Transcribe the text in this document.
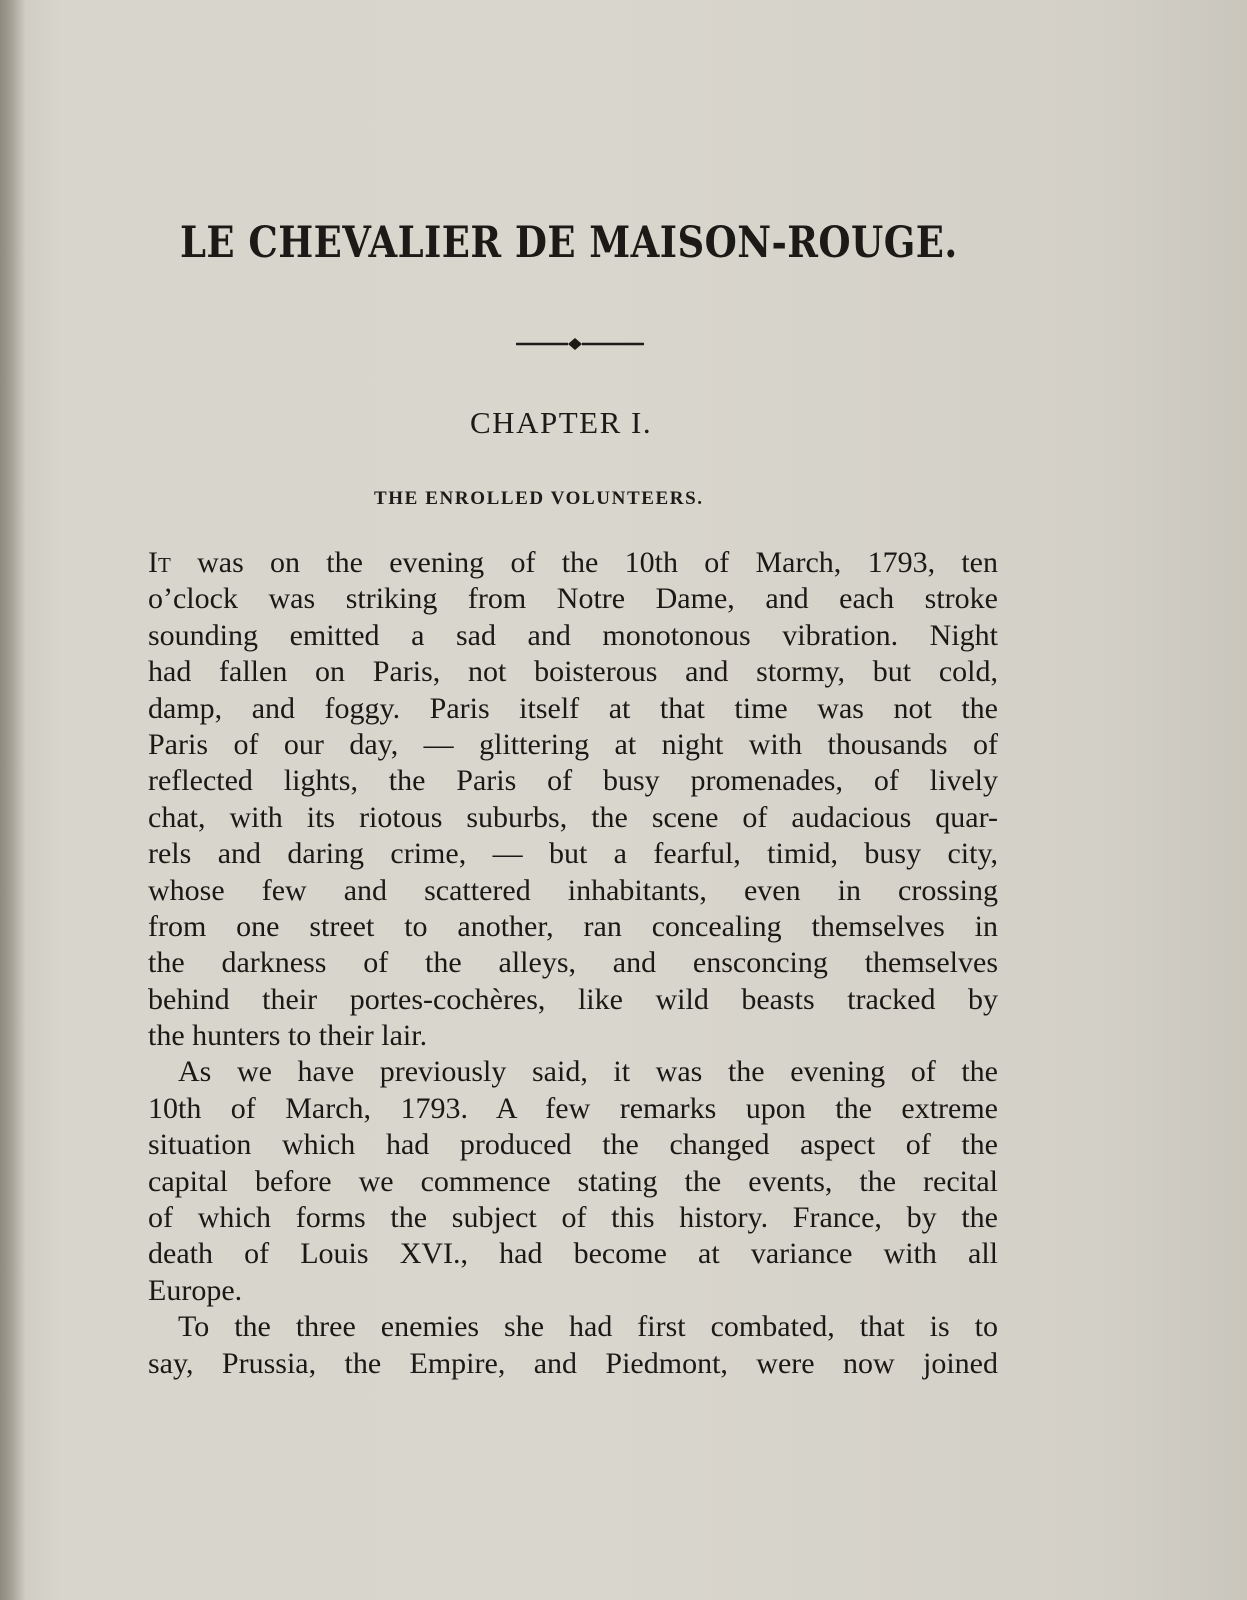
LE CHEVALIER DE MAISON-ROUGE.
CHAPTER I.
THE ENROLLED VOLUNTEERS.
It was on the evening of the 10th of March, 1793, ten
o’clock was striking from Notre Dame, and each stroke
sounding emitted a sad and monotonous vibration. Night
had fallen on Paris, not boisterous and stormy, but cold,
damp, and foggy. Paris itself at that time was not the
Paris of our day, — glittering at night with thousands of
reflected lights, the Paris of busy promenades, of lively
chat, with its riotous suburbs, the scene of audacious quar-
rels and daring crime, — but a fearful, timid, busy city,
whose few and scattered inhabitants, even in crossing
from one street to another, ran concealing themselves in
the darkness of the alleys, and ensconcing themselves
behind their portes-cochères, like wild beasts tracked by
the hunters to their lair.
As we have previously said, it was the evening of the
10th of March, 1793. A few remarks upon the extreme
situation which had produced the changed aspect of the
capital before we commence stating the events, the recital
of which forms the subject of this history. France, by the
death of Louis XVI., had become at variance with all
Europe.
To the three enemies she had first combated, that is to
say, Prussia, the Empire, and Piedmont, were now joined
